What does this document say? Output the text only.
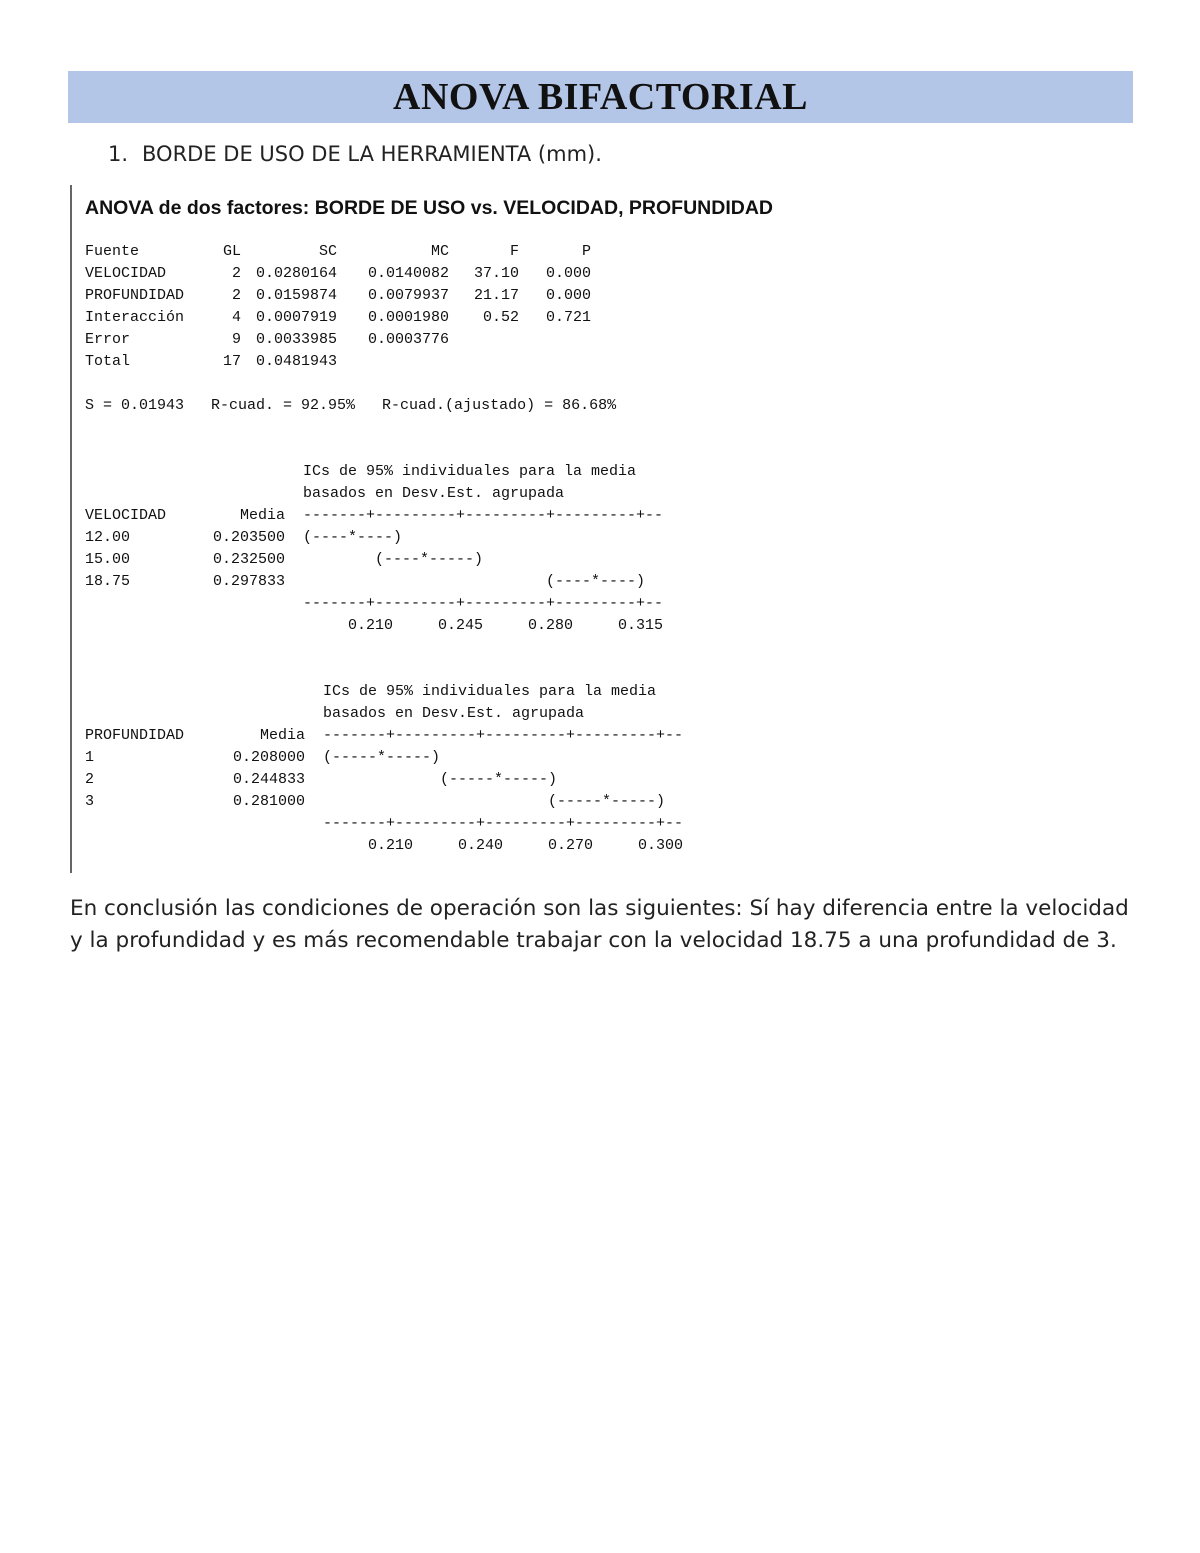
ANOVA BIFACTORIAL
1. BORDE DE USO DE LA HERRAMIENTA (mm).
ANOVA de dos factores: BORDE DE USO vs. VELOCIDAD, PROFUNDIDAD
Fuente	GL	SC	MC	F	P
VELOCIDAD	2 0.0280164 0.0140082 37.10 0.000
PROFUNDIDAD	2 0.0159874 0.0079937 21.17 0.000
Interacción	4 0.0007919 0.0001980 0.52 0.721
Error	9 0.0033985 0.0003776
Total	17 0.0481943
S = 0.01943   R-cuad. = 92.95%   R-cuad.(ajustado) = 86.68%
ICs de 95% individuales para la media
basados en Desv.Est. agrupada
VELOCIDAD	Media -------+---------+---------+---------+--
12.00	0.203500 (----*----)
15.00	0.232500	(----*-----)
18.75	0.297833	(----*----)
-------+---------+---------+---------+--
0.210     0.245     0.280     0.315
ICs de 95% individuales para la media
basados en Desv.Est. agrupada
PROFUNDIDAD	Media -------+---------+---------+---------+--
1	0.208000 (-----*-----)
2	0.244833	(-----*-----)
3	0.281000	(-----*-----)
-------+---------+---------+---------+--
0.210     0.240     0.270     0.300
En conclusión las condiciones de operación son las siguientes: Sí hay diferencia entre la velocidad y la profundidad y es más recomendable trabajar con la velocidad 18.75 a una profundidad de 3.
